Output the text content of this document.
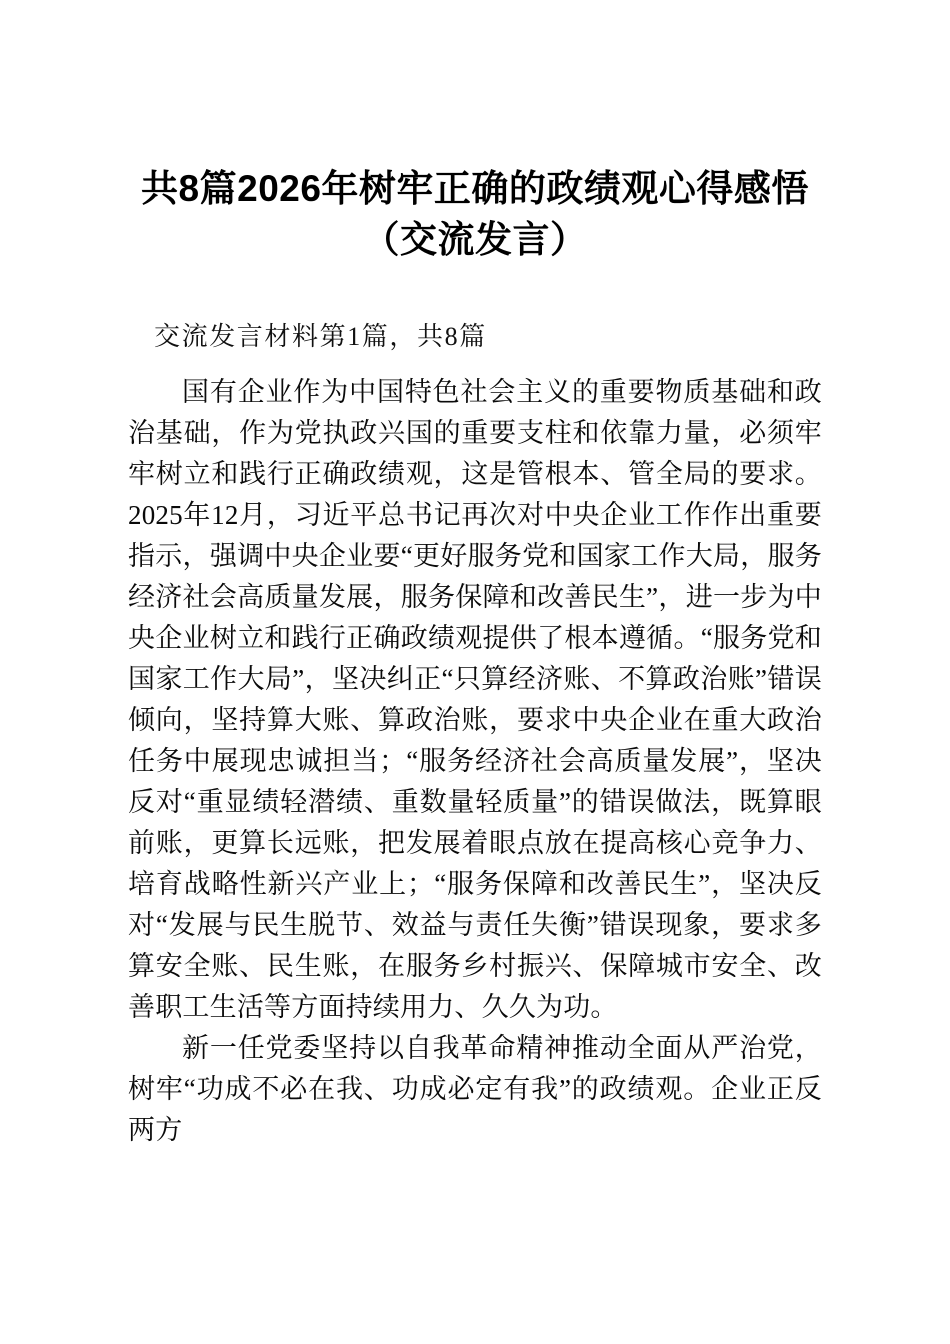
共8篇2026年树牢正确的政绩观心得感悟
（交流发言）

交流发言材料第1篇，共8篇

国有企业作为中国特色社会主义的重要物质基础和政治基础，作为党执政兴国的重要支柱和依靠力量，必须牢牢树立和践行正确政绩观，这是管根本、管全局的要求。2025年12月，习近平总书记再次对中央企业工作作出重要指示，强调中央企业要“更好服务党和国家工作大局，服务经济社会高质量发展，服务保障和改善民生”，进一步为中央企业树立和践行正确政绩观提供了根本遵循。“服务党和国家工作大局”，坚决纠正“只算经济账、不算政治账”错误倾向，坚持算大账、算政治账，要求中央企业在重大政治任务中展现忠诚担当；“服务经济社会高质量发展”，坚决反对“重显绩轻潜绩、重数量轻质量”的错误做法，既算眼前账，更算长远账，把发展着眼点放在提高核心竞争力、培育战略性新兴产业上；“服务保障和改善民生”，坚决反对“发展与民生脱节、效益与责任失衡”错误现象，要求多算安全账、民生账，在服务乡村振兴、保障城市安全、改善职工生活等方面持续用力、久久为功。

新一任党委坚持以自我革命精神推动全面从严治党，树牢“功成不必在我、功成必定有我”的政绩观。企业正反两方
